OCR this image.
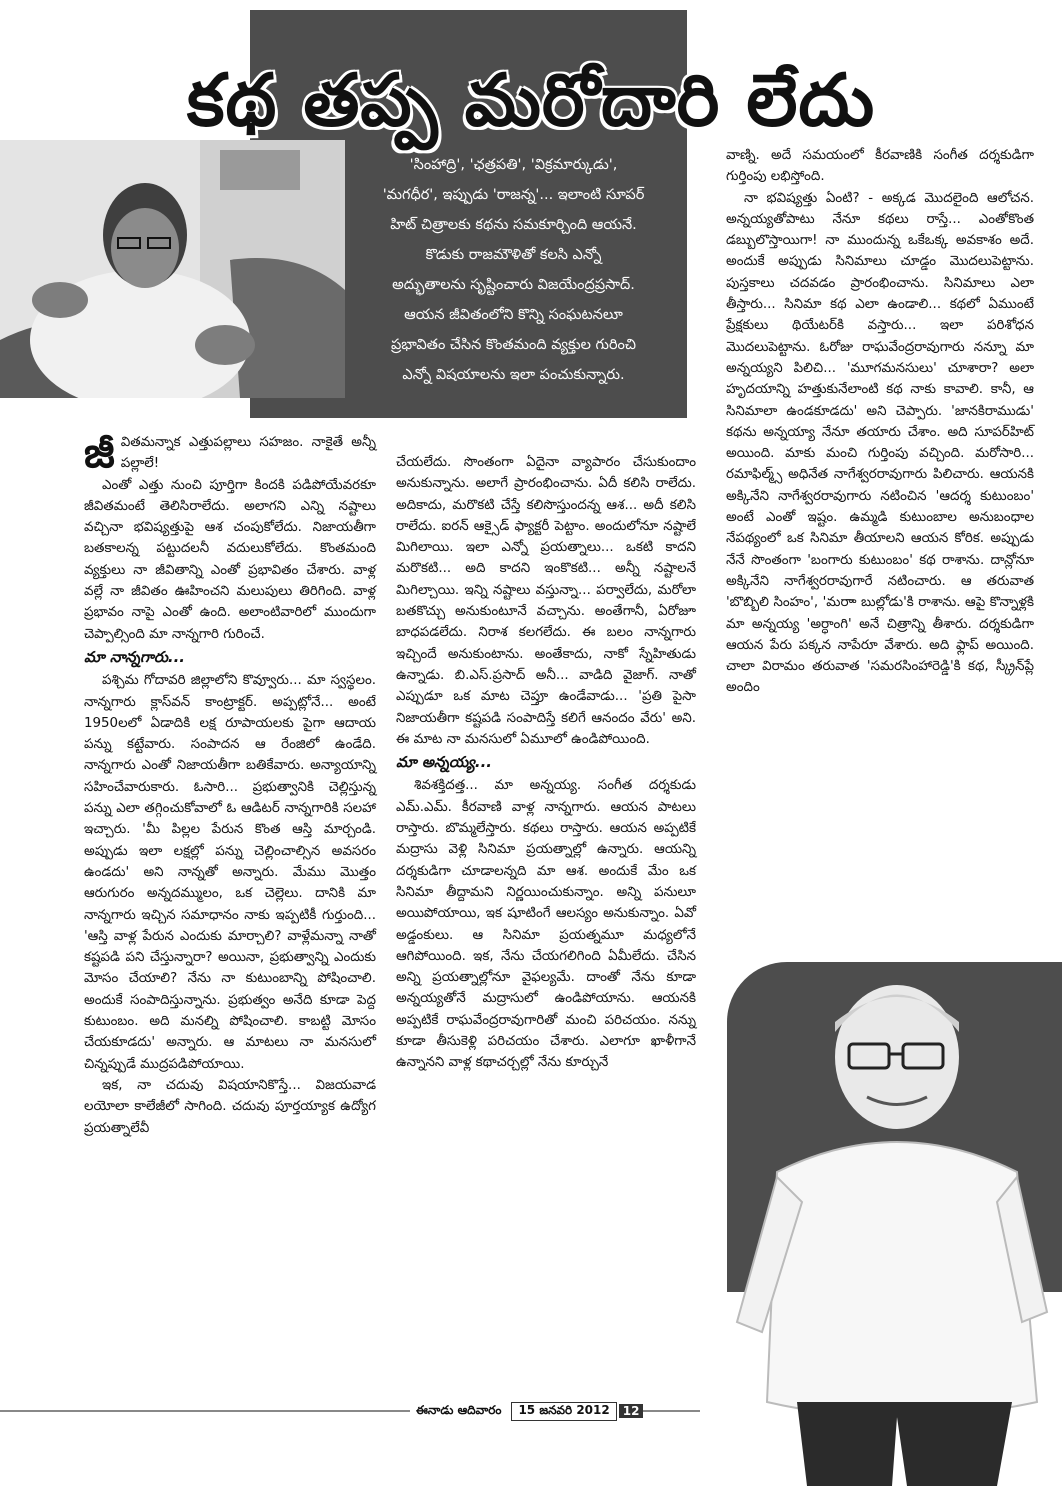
కథ తప్ప మరోదారి లేదు

'సింహాద్రి', 'ఛత్రపతి', 'విక్రమార్కుడు',

'మగధీర', ఇప్పుడు 'రాజన్న'... ఇలాంటి సూపర్

హిట్ చిత్రాలకు కథను సమకూర్చింది ఆయనే.

కొడుకు రాజమౌళితో కలసి ఎన్నో

అద్భుతాలను సృష్టించారు విజయేంద్రప్రసాద్.

ఆయన జీవితంలోని కొన్ని సంఘటనలూ

ప్రభావితం చేసిన కొంతమంది వ్యక్తుల గురించి

ఎన్నో విషయాలను ఇలా పంచుకున్నారు.

జీవితమన్నాక ఎత్తుపల్లాలు సహజం. నాకైతే అన్నీ పల్లాలే!

ఎంతో ఎత్తు నుంచి పూర్తిగా కిందకి పడిపోయేవరకూ జీవితమంటే తెలిసిరాలేదు. అలాగని ఎన్ని నష్టాలు వచ్చినా భవిష్యత్తుపై ఆశ చంపుకోలేదు. నిజాయతీగా బతకాలన్న పట్టుదలనీ వదులుకోలేదు. కొంతమంది వ్యక్తులు నా జీవితాన్ని ఎంతో ప్రభావితం చేశారు. వాళ్ల వల్లే నా జీవితం ఊహించని మలుపులు తిరిగింది. వాళ్ల ప్రభావం నాపై ఎంతో ఉంది. అలాంటివారిలో ముందుగా చెప్పాల్సింది మా నాన్నగారి గురించే.

మా నాన్నగారు...

పశ్చిమ గోదావరి జిల్లాలోని కొవ్వూరు... మా స్వస్థలం. నాన్నగారు క్లాస్‌వన్ కాంట్రాక్టర్. అప్పట్లోనే... అంటే 1950లలో ఏడాదికి లక్ష రూపాయలకు పైగా ఆదాయ పన్ను కట్టేవారు. సంపాదన ఆ రేంజిలో ఉండేది. నాన్నగారు ఎంతో నిజాయతీగా బతికేవారు. అన్యాయాన్ని సహించేవారుకారు. ఓసారి... ప్రభుత్వానికి చెల్లిస్తున్న పన్ను ఎలా తగ్గించుకోవాలో ఓ ఆడిటర్ నాన్నగారికి సలహా ఇచ్చారు. 'మీ పిల్లల పేరున కొంత ఆస్తి మార్చండి. అప్పుడు ఇలా లక్షల్లో పన్ను చెల్లించాల్సిన అవసరం ఉండదు' అని నాన్నతో అన్నారు. మేము మొత్తం ఆరుగురం అన్నదమ్ములం, ఒక చెల్లెలు. దానికి మా నాన్నగారు ఇచ్చిన సమాధానం నాకు ఇప్పటికీ గుర్తుంది... 'ఆస్తి వాళ్ల పేరున ఎందుకు మార్చాలి? వాళ్లేమన్నా నాతో కష్టపడి పని చేస్తున్నారా? అయినా, ప్రభుత్వాన్ని ఎందుకు మోసం చేయాలి? నేను నా కుటుంబాన్ని పోషించాలి. అందుకే సంపాదిస్తున్నాను. ప్రభుత్వం అనేది కూడా పెద్ద కుటుంబం. అది మనల్ని పోషించాలి. కాబట్టి మోసం చేయకూడదు' అన్నారు. ఆ మాటలు నా మనసులో చిన్నప్పుడే ముద్రపడిపోయాయి.

ఇక, నా చదువు విషయానికొస్తే... విజయవాడ లయోలా కాలేజీలో సాగింది. చదువు పూర్తయ్యాక ఉద్యోగ ప్రయత్నాలేవీ

చేయలేదు. సొంతంగా ఏదైనా వ్యాపారం చేసుకుందాం అనుకున్నాను. అలాగే ప్రారంభించాను. ఏదీ కలిసి రాలేదు. అదికాదు, మరొకటి చేస్తే కలిసొస్తుందన్న ఆశ... అదీ కలిసి రాలేదు. ఐరన్ ఆక్సైడ్ ఫ్యాక్టరీ పెట్టాం. అందులోనూ నష్టాలే మిగిలాయి. ఇలా ఎన్నో ప్రయత్నాలు... ఒకటి కాదని మరొకటి... అది కాదని ఇంకొకటి... అన్నీ నష్టాలనే మిగిల్చాయి. ఇన్ని నష్టాలు వస్తున్నా... పర్వాలేదు, మరోలా బతకొచ్చు అనుకుంటూనే వచ్చాను. అంతేగానీ, ఏరోజూ బాధపడలేదు. నిరాశ కలగలేదు. ఈ బలం నాన్నగారు ఇచ్చిందే అనుకుంటాను. అంతేకాదు, నాకో స్నేహితుడు ఉన్నాడు. బి.ఎస్.ప్రసాద్ అనీ... వాడిది వైజాగ్. నాతో ఎప్పుడూ ఒక మాట చెప్తూ ఉండేవాడు... 'ప్రతి పైసా నిజాయతీగా కష్టపడి సంపాదిస్తే కలిగే ఆనందం వేరు' అని. ఈ మాట నా మనసులో ఏమూలో ఉండిపోయింది.

మా అన్నయ్య...

శివశక్తిదత్త... మా అన్నయ్య. సంగీత దర్శకుడు ఎమ్.ఎమ్. కీరవాణి వాళ్ల నాన్నగారు. ఆయన పాటలు రాస్తారు. బొమ్మలేస్తారు. కథలు రాస్తారు. ఆయన అప్పటికే మద్రాసు వెళ్లి సినిమా ప్రయత్నాల్లో ఉన్నారు. ఆయన్ని దర్శకుడిగా చూడాలన్నది మా ఆశ. అందుకే మేం ఒక సినిమా తీద్దామని నిర్ణయించుకున్నాం. అన్ని పనులూ అయిపోయాయి, ఇక షూటింగే ఆలస్యం అనుకున్నాం. ఏవో అడ్డంకులు. ఆ సినిమా ప్రయత్నమూ మధ్యలోనే ఆగిపోయింది. ఇక, నేను చేయగలిగింది ఏమీలేదు. చేసిన అన్ని ప్రయత్నాల్లోనూ వైఫల్యమే. దాంతో నేను కూడా అన్నయ్యతోనే మద్రాసులో ఉండిపోయాను. ఆయనకి అప్పటికే రాఘవేంద్రరావుగారితో మంచి పరిచయం. నన్ను కూడా తీసుకెళ్లి పరిచయం చేశారు. ఎలాగూ ఖాళీగానే ఉన్నానని వాళ్ల కథాచర్చల్లో నేను కూర్చునే

వాణ్ని. అదే సమయంలో కీరవాణికి సంగీత దర్శకుడిగా గుర్తింపు లభిస్తోంది.

నా భవిష్యత్తు ఏంటి? - అక్కడ మొదలైంది ఆలోచన. అన్నయ్యతోపాటు నేనూ కథలు రాస్తే... ఎంతోకొంత డబ్బులొస్తాయిగా! నా ముందున్న ఒకేఒక్క అవకాశం అదే. అందుకే అప్పుడు సినిమాలు చూడ్డం మొదలుపెట్టాను. పుస్తకాలు చదవడం ప్రారంభించాను. సినిమాలు ఎలా తీస్తారు... సినిమా కథ ఎలా ఉండాలి... కథలో ఏముంటే ప్రేక్షకులు థియేటర్‌కి వస్తారు... ఇలా పరిశోధన మొదలుపెట్టాను. ఓరోజు రాఘవేంద్రరావుగారు నన్నూ మా అన్నయ్యని పిలిచి... 'మూగమనసులు' చూశారా? అలా హృదయాన్ని హత్తుకునేలాంటి కథ నాకు కావాలి. కానీ, ఆ సినిమాలా ఉండకూడదు' అని చెప్పారు. 'జానకిరాముడు' కథను అన్నయ్యా నేనూ తయారు చేశాం. అది సూపర్‌హిట్ అయింది. మాకు మంచి గుర్తింపు వచ్చింది. మరోసారి... రమాఫిల్మ్స్ అధినేత నాగేశ్వరరావుగారు పిలిచారు. ఆయనకి అక్కినేని నాగేశ్వరరావుగారు నటించిన 'ఆదర్శ కుటుంబం' అంటే ఎంతో ఇష్టం. ఉమ్మడి కుటుంబాల అనుబంధాల నేపథ్యంలో ఒక సినిమా తీయాలని ఆయన కోరిక. అప్పుడు నేనే సొంతంగా 'బంగారు కుటుంబం' కథ రాశాను. దాన్లోనూ అక్కినేని నాగేశ్వరరావుగారే నటించారు. ఆ తరువాత 'బొబ్బిలి సింహం', 'మరాా బుల్లోడు'కి రాశాను. ఆపై కొన్నాళ్లకి మా అన్నయ్య 'అర్ధాంగి' అనే చిత్రాన్ని తీశారు. దర్శకుడిగా ఆయన పేరు పక్కన నాపేరూ వేశారు. అది ఫ్లాప్ అయింది. చాలా విరామం తరువాత 'సమరసింహారెడ్డి'కి కథ, స్క్రీన్‌ప్లే అందిం

ఈనాడు ఆదివారం	15 జనవరి 2012	12
